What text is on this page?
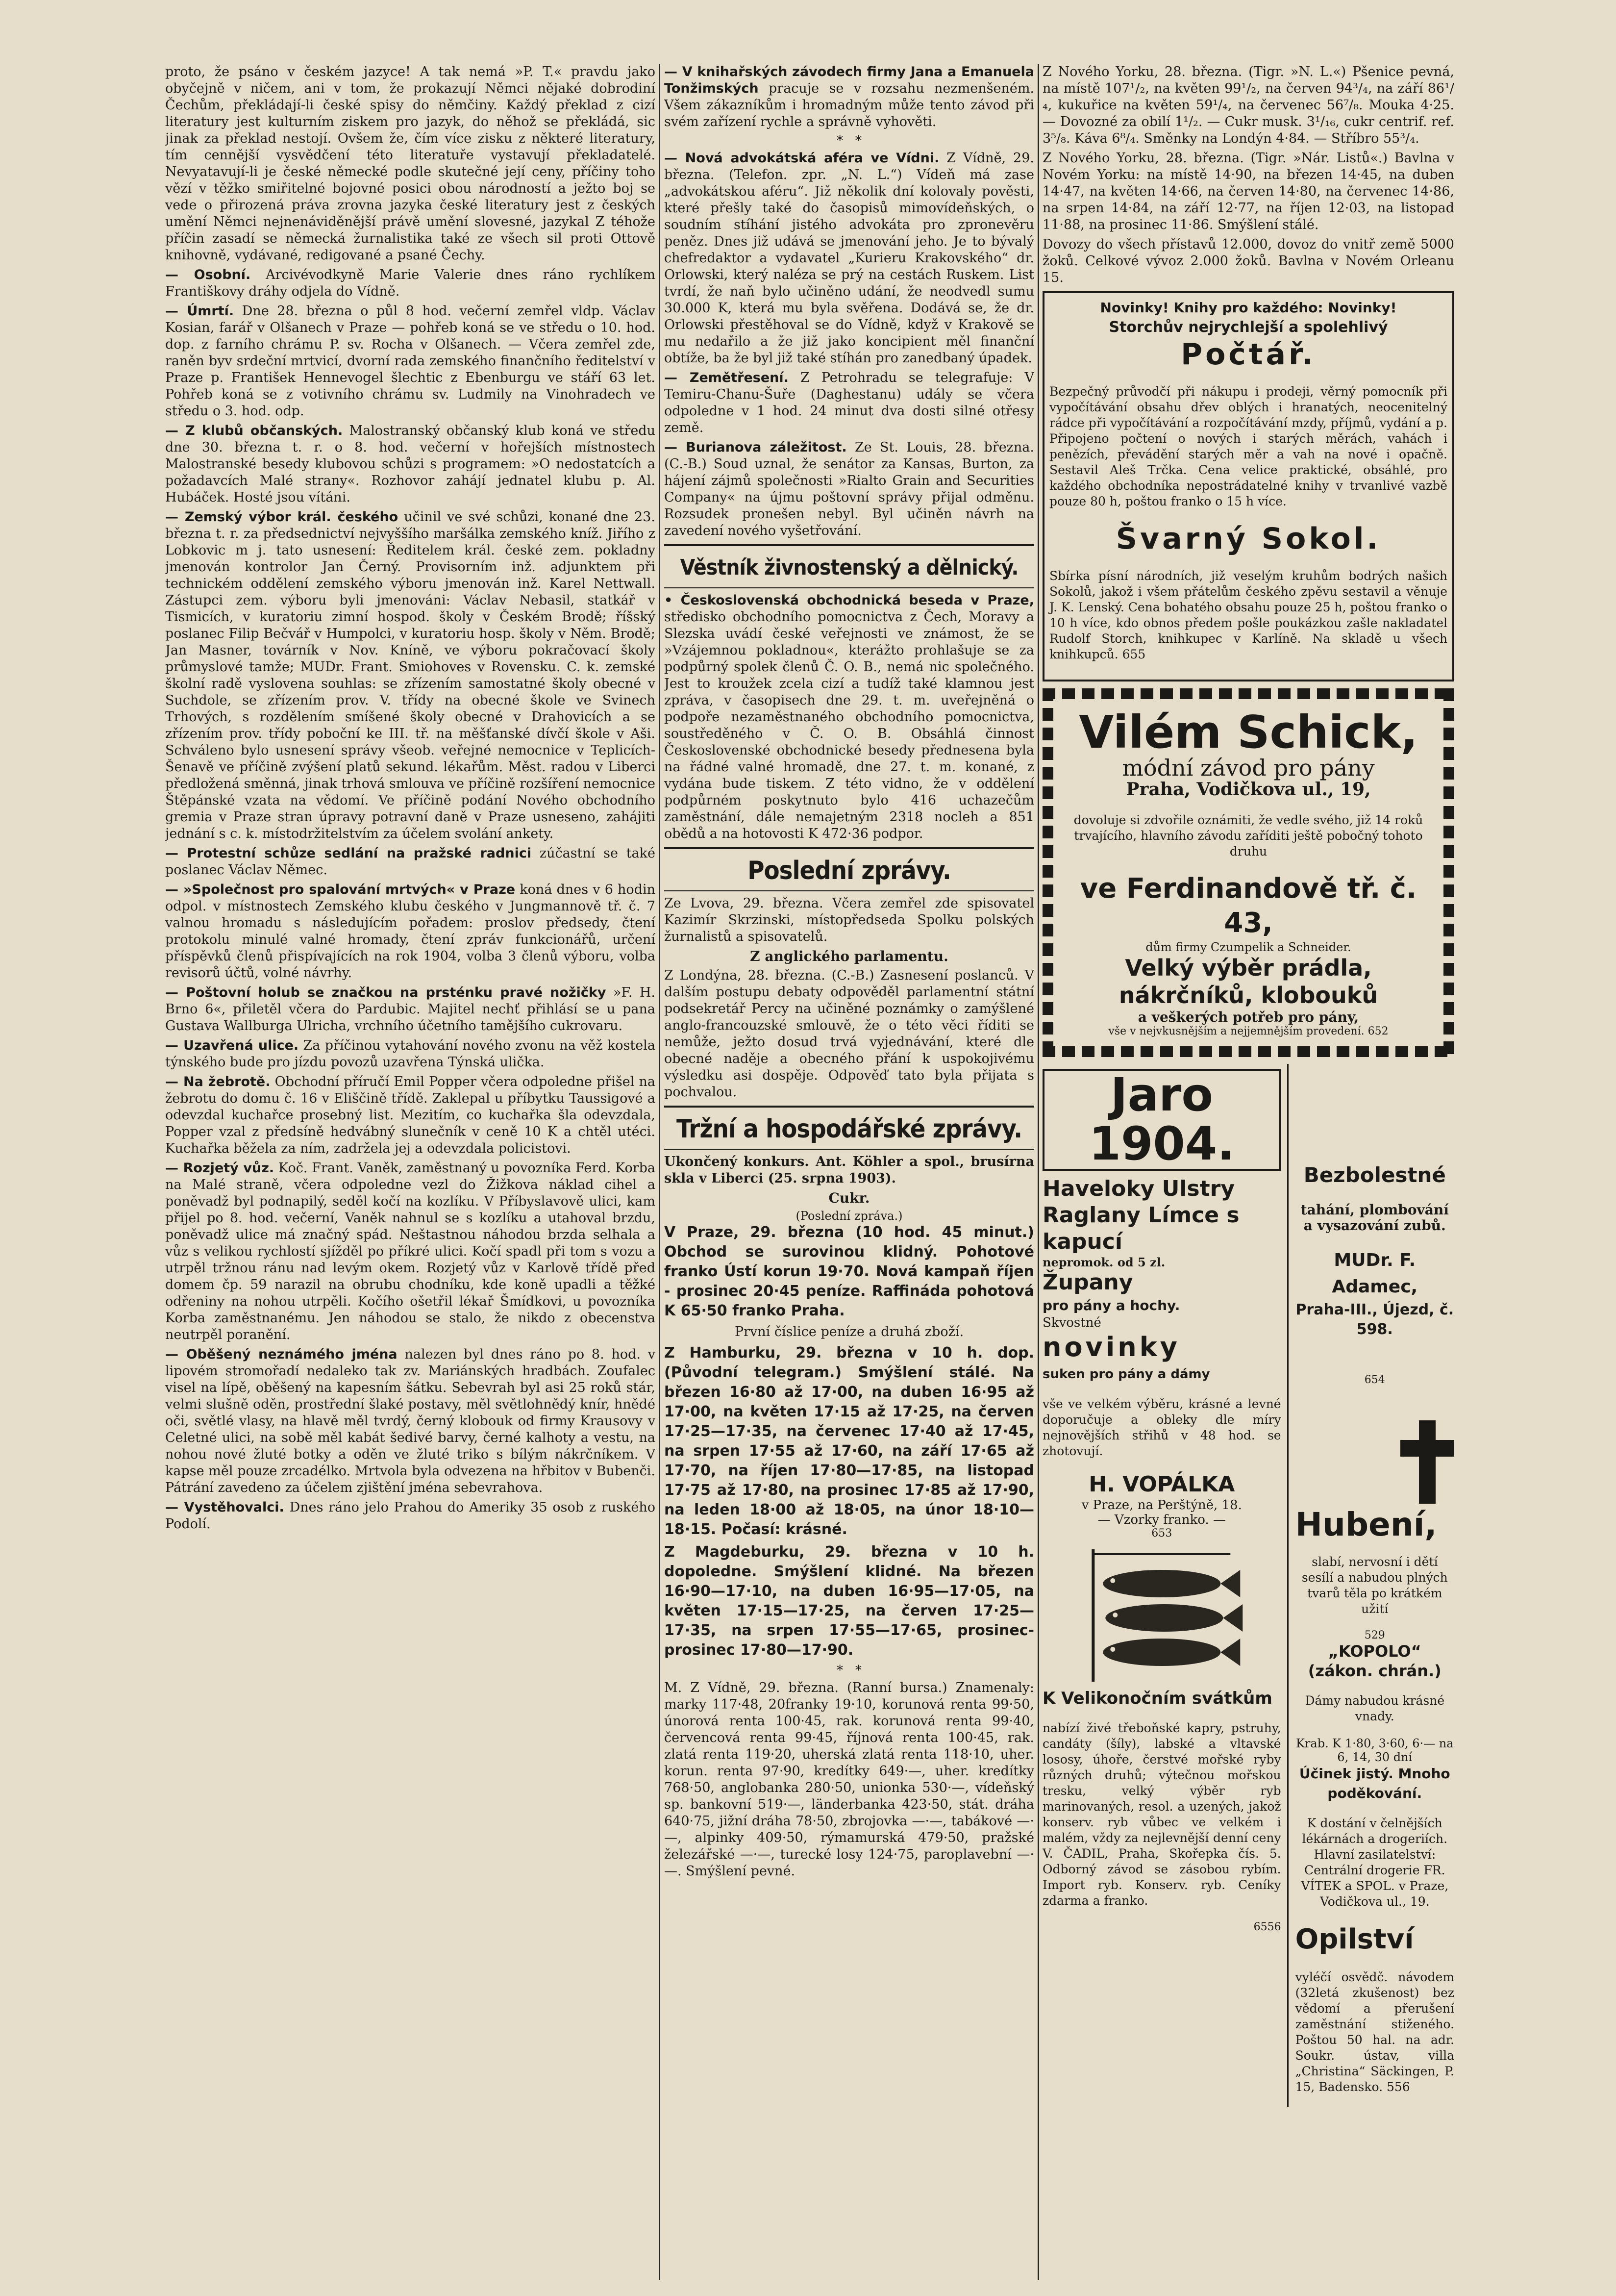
proto, že psáno v českém jazyce! A tak nemá »P. T.« pravdu jako obyčejně v ničem, ani v tom, že prokazují Němci nějaké dobrodiní Čechům, překládají-li české spisy do němčiny. Každý překlad z cizí literatury jest kulturním ziskem pro jazyk, do něhož se překládá, sic jinak za překlad nestojí. Ovšem že, čím více zisku z některé literatury, tím cennější vysvědčení této literatuře vystavují překladatelé. Nevyatavují-li je české německé podle skutečné její ceny, příčiny toho vězí v těžko smiřitelné bojovné posici obou národností a ježto boj se vede o přirozená práva zrovna jazyka české literatury jest z českých umění Němci nejnenáviděnější právě umění slovesné, jazykal Z téhože příčin zasadí se německá žurnalistika také ze všech sil proti Ottově knihovně, vydávané, redigované a psané Čechy.

— Osobní. Arcivévodkyně Marie Valerie dnes ráno rychlíkem Františkovy dráhy odjela do Vídně.

— Úmrtí. Dne 28. března o půl 8 hod. večerní zemřel vldp. Václav Kosian, farář v Olšanech v Praze — pohřeb koná se ve středu o 10. hod. dop. z farního chrámu P. sv. Rocha v Olšanech. — Včera zemřel zde, raněn byv srdeční mrtvicí, dvorní rada zemského finančního ředitelství v Praze p. František Hennevogel šlechtic z Ebenburgu ve stáří 63 let. Pohřeb koná se z votivního chrámu sv. Ludmily na Vinohradech ve středu o 3. hod. odp.

— Z klubů občanských. Malostranský občanský klub koná ve středu dne 30. března t. r. o 8. hod. večerní v hořejších místnostech Malostranské besedy klubovou schůzi s programem: »O nedostatcích a požadavcích Malé strany«. Rozhovor zahájí jednatel klubu p. Al. Hubáček. Hosté jsou vítáni.

— Zemský výbor král. českého učinil ve své schůzi, konané dne 23. března t. r. za předsednictví nejvyššího maršálka zemského kníž. Jiřího z Lobkovic m j. tato usnesení: Ředitelem král. české zem. pokladny jmenován kontrolor Jan Černý. Provisorním inž. adjunktem při technickém oddělení zemského výboru jmenován inž. Karel Nettwall. Zástupci zem. výboru byli jmenováni: Václav Nebasil, statkář v Tismicích, v kuratoriu zimní hospod. školy v Českém Brodě; říšský poslanec Filip Bečvář v Humpolci, v kuratoriu hosp. školy v Něm. Brodě; Jan Masner, továrník v Nov. Kníně, ve výboru pokračovací školy průmyslové tamže; MUDr. Frant. Smiohoves v Rovensku. C. k. zemské školní radě vyslovena souhlas: se zřízením samostatné školy obecné v Suchdole, se zřízením prov. V. třídy na obecné škole ve Svinech Trhových, s rozdělením smíšené školy obecné v Drahovicích a se zřízením prov. třídy poboční ke III. tř. na měšťanské dívčí škole v Aši. Schváleno bylo usnesení správy všeob. veřejné nemocnice v Teplicích-Šenavě ve příčině zvýšení platů sekund. lékařům. Měst. radou v Liberci předložená směnná, jinak trhová smlouva ve příčině rozšíření nemocnice Štěpánské vzata na vědomí. Ve příčině podání Nového obchodního gremia v Praze stran úpravy potravní daně v Praze usneseno, zahájiti jednání s c. k. místodržitelstvím za účelem svolání ankety.

— Protestní schůze sedlání na pražské radnici zúčastní se také poslanec Václav Němec.

— »Společnost pro spalování mrtvých« v Praze koná dnes v 6 hodin odpol. v místnostech Zemského klubu českého v Jungmannově tř. č. 7 valnou hromadu s následujícím pořadem: proslov předsedy, čtení protokolu minulé valné hromady, čtení zpráv funkcionářů, určení příspěvků členů přispívajících na rok 1904, volba 3 členů výboru, volba revisorů účtů, volné návrhy.

— Poštovní holub se značkou na prsténku pravé nožičky »F. H. Brno 6«, přiletěl včera do Pardubic. Majitel nechť přihlásí se u pana Gustava Wallburga Ulricha, vrchního účetního tamějšího cukrovaru.

— Uzavřená ulice. Za příčinou vytahování nového zvonu na věž kostela týnského bude pro jízdu povozů uzavřena Týnská ulička.

— Na žebrotě. Obchodní příručí Emil Popper včera odpoledne přišel na žebrotu do domu č. 16 v Eliščině třídě. Zaklepal u příbytku Taussigové a odevzdal kuchařce prosebný list. Mezitím, co kuchařka šla odevzdala, Popper vzal z předsíně hedvábný slunečník v ceně 10 K a chtěl utéci. Kuchařka běžela za ním, zadržela jej a odevzdala policistovi.

— Rozjetý vůz. Koč. Frant. Vaněk, zaměstnaný u povozníka Ferd. Korba na Malé straně, včera odpoledne vezl do Žižkova náklad cihel a poněvadž byl podnapilý, seděl kočí na kozlíku. V Příbyslavově ulici, kam přijel po 8. hod. večerní, Vaněk nahnul se s kozlíku a utahoval brzdu, poněvadž ulice má značný spád. Neštastnou náhodou brzda selhala a vůz s velikou rychlostí sjížděl po příkré ulici. Kočí spadl při tom s vozu a utrpěl tržnou ránu nad levým okem. Rozjetý vůz v Karlově třídě před domem čp. 59 narazil na obrubu chodníku, kde koně upadli a těžké odřeniny na nohou utrpěli. Kočího ošetřil lékař Šmídkovi, u povozníka Korba zaměstnanému. Jen náhodou se stalo, že nikdo z obecenstva neutrpěl poranění.

— Oběšený neznámého jména nalezen byl dnes ráno po 8. hod. v lipovém stromořadí nedaleko tak zv. Mariánských hradbách. Zoufalec visel na lípě, oběšený na kapesním šátku. Sebevrah byl asi 25 roků stár, velmi slušně oděn, prostřední šlaké postavy, měl světlohnědý knír, hnědé oči, světlé vlasy, na hlavě měl tvrdý, černý klobouk od firmy Krausovy v Celetné ulici, na sobě měl kabát šedivé barvy, černé kalhoty a vestu, na nohou nové žluté botky a oděn ve žluté triko s bílým nákrčníkem. V kapse měl pouze zrcadélko. Mrtvola byla odvezena na hřbitov v Bubenči. Pátrání zavedeno za účelem zjištění jména sebevrahova.

— Vystěhovalci. Dnes ráno jelo Prahou do Ameriky 35 osob z ruského Podolí.

— V knihařských závodech firmy Jana a Emanuela Tonžimských pracuje se v rozsahu nezmenšeném. Všem zákazníkům i hromadným může tento závod při svém zařízení rychle a správně vyhověti.

*   *

— Nová advokátská aféra ve Vídni. Z Vídně, 29. března. (Telefon. zpr. „N. L.“) Vídeň má zase „advokátskou aféru“. Již několik dní kolovaly pověsti, které přešly také do časopisů mimovídeňských, o soudním stíhání jistého advokáta pro zpronevěru peněz. Dnes již udává se jmenování jeho. Je to bývalý chefredaktor a vydavatel „Kurieru Krakovského“ dr. Orlowski, který naléza se prý na cestách Ruskem. List tvrdí, že naň bylo učiněno udání, že neodvedl sumu 30.000 K, která mu byla svěřena. Dodává se, že dr. Orlowski přestěhoval se do Vídně, když v Krakově se mu nedařilo a že již jako koncipient měl finanční obtíže, ba že byl již také stíhán pro zanedbaný úpadek.

— Zemětřesení. Z Petrohradu se telegrafuje: V Temiru-Chanu-Šuře (Daghestanu) udály se včera odpoledne v 1 hod. 24 minut dva dosti silné otřesy země.

— Burianova záležitost. Ze St. Louis, 28. března. (C.-B.) Soud uznal, že senátor za Kansas, Burton, za hájení zájmů společnosti »Rialto Grain and Securities Company« na újmu poštovní správy přijal odměnu. Rozsudek pronešen nebyl. Byl učiněn návrh na zavedení nového vyšetřování.

Věstník živnostenský a dělnický.

• Československá obchodnická beseda v Praze, středisko obchodního pomocnictva z Čech, Moravy a Slezska uvádí české veřejnosti ve známost, že se »Vzájemnou pokladnou«, kterážto prohlašuje se za podpůrný spolek členů Č. O. B., nemá nic společného. Jest to kroužek zcela cizí a tudíž také klamnou jest zpráva, v časopisech dne 29. t. m. uveřejněná o podpoře nezaměstnaného obchodního pomocnictva, soustředěného v Č. O. B. Obsáhlá činnost Československé obchodnické besedy přednesena byla na řádné valné hromadě, dne 27. t. m. konané, z vydána bude tiskem. Z této vidno, že v oddělení podpůrném poskytnuto bylo 416 uchazečům zaměstnání, dále nemajetným 2318 nocleh a 851 obědů a na hotovosti K 472·36 podpor.

Poslední zprávy.

Ze Lvova, 29. března. Včera zemřel zde spisovatel Kazimír Skrzinski, místopředseda Spolku polských žurnalistů a spisovatelů.

Z anglického parlamentu.

Z Londýna, 28. března. (C.-B.) Zasnesení poslanců. V dalším postupu debaty odpověděl parlamentní státní podsekretář Percy na učiněné poznámky o zamýšlené anglo-francouzské smlouvě, že o této věci říditi se nemůže, ježto dosud trvá vyjednávání, které dle obecné naděje a obecného přání k uspokojivému výsledku asi dospěje. Odpověď tato byla přijata s pochvalou.

Tržní a hospodářské zprávy.

Ukončený konkurs. Ant. Köhler a spol., brusírna skla v Liberci (25. srpna 1903).

Cukr.
(Poslední zpráva.)

V Praze, 29. března (10 hod. 45 minut.) Obchod se surovinou klidný. Pohotové franko Ústí korun 19·70. Nová kampaň říjen - prosinec 20·45 peníze. Raffináda pohotová K 65·50 franko Praha.

První číslice peníze a druhá zboží.

Z Hamburku, 29. března v 10 h. dop. (Původní telegram.) Smýšlení stálé. Na březen 16·80 až 17·00, na duben 16·95 až 17·00, na květen 17·15 až 17·25, na červen 17·25—17·35, na červenec 17·40 až 17·45, na srpen 17·55 až 17·60, na září 17·65 až 17·70, na říjen 17·80—17·85, na listopad 17·75 až 17·80, na prosinec 17·85 až 17·90, na leden 18·00 až 18·05, na únor 18·10—18·15. Počasí: krásné.

Z Magdeburku, 29. března v 10 h. dopoledne. Smýšlení klidné. Na březen 16·90—17·10, na duben 16·95—17·05, na květen 17·15—17·25, na červen 17·25—17·35, na srpen 17·55—17·65, prosinec-prosinec 17·80—17·90.

*   *

M. Z Vídně, 29. března. (Ranní bursa.) Znamenaly: marky 117·48, 20franky 19·10, korunová renta 99·50, únorová renta 100·45, rak. korunová renta 99·40, červencová renta 99·45, říjnová renta 100·45, rak. zlatá renta 119·20, uherská zlatá renta 118·10, uher. korun. renta 97·90, kredítky 649·—, uher. kredítky 768·50, anglobanka 280·50, unionka 530·—, vídeňský sp. bankovní 519·—, länderbanka 423·50, stát. dráha 640·75, jižní dráha 78·50, zbrojovka —·—, tabákové —·—, alpinky 409·50, rýmamurská 479·50, pražské železářské —·—, turecké losy 124·75, paroplavební —·—. Smýšlení pevné.

Z Nového Yorku, 28. března. (Tigr. »N. L.«) Pšenice pevná, na místě 107¹/₂, na květen 99¹/₂, na červen 94³/₄, na září 86¹/₄, kukuřice na květen 59¹/₄, na červenec 56⁷/₈. Mouka 4·25. — Dovozné za obilí 1¹/₂. — Cukr musk. 3¹/₁₆, cukr centrif. ref. 3⁵/₈. Káva 6⁸/₄. Směnky na Londýn 4·84. — Stříbro 55³/₄.

Z Nového Yorku, 28. března. (Tigr. »Nár. Listů«.) Bavlna v Novém Yorku: na místě 14·90, na březen 14·45, na duben 14·47, na květen 14·66, na červen 14·80, na červenec 14·86, na srpen 14·84, na září 12·77, na říjen 12·03, na listopad 11·88, na prosinec 11·86. Smýšlení stálé.

Dovozy do všech přístavů 12.000, dovoz do vnitř země 5000 žoků. Celkové vývoz 2.000 žoků. Bavlna v Novém Orleanu 15.

Novinky! Knihy pro každého: Novinky!
Storchův nejrychlejší a spolehlivý
Počtář.

Bezpečný průvodčí při nákupu i prodeji, věrný pomocník při vypočítávání obsahu dřev oblých i hranatých, neocenitelný rádce při vypočítávání a rozpočítávání mzdy, příjmů, vydání a p. Připojeno počtení o nových i starých měrách, vahách i penězích, převádění starých měr a vah na nové i opačně. Sestavil Aleš Trčka. Cena velice praktické, obsáhlé, pro každého obchodníka nepostrádatelné knihy v trvanlivé vazbě pouze 80 h, poštou franko o 15 h více.

Švarný Sokol.

Sbírka písní národních, již veselým kruhům bodrých našich Sokolů, jakož i všem přátelům českého zpěvu sestavil a věnuje J. K. Lenský. Cena bohatého obsahu pouze 25 h, poštou franko o 10 h více, kdo obnos předem pošle poukázkou zašle nakladatel Rudolf Storch, knihkupec v Karlíně. Na skladě u všech knihkupců. 655

Vilém Schick,
módní závod pro pány
Praha, Vodičkova ul., 19,

dovoluje si zdvořile oznámiti, že vedle svého, již 14 roků trvajícího, hlavního závodu zaříditi ještě pobočný tohoto druhu

ve Ferdinandově tř. č. 43,
dům firmy Czumpelik a Schneider.
Velký výběr prádla, nákrčníků, klobouků
a veškerých potřeb pro pány,
vše v nejvkusnějším a nejjemnějším provedení. 652
Jaro 1904.
Haveloky Ulstry Raglany Límce s kapucí
nepromok. od 5 zl.
Župany
pro pány a hochy.
Skvostné
novinky
suken pro pány a dámy

vše ve velkém výběru, krásné a levné doporučuje a obleky dle míry nejnovějších střihů v 48 hod. se zhotovují.

H. VOPÁLKA
v Praze, na Perštýně, 18.
— Vzorky franko. —
653
K Velikonočním svátkům

nabízí živé třeboňské kapry, pstruhy, candáty (šíly), labské a vltavské lososy, úhoře, čerstvé mořské ryby různých druhů; výtečnou mořskou tresku, velký výběr ryb marinovaných, resol. a uzených, jakož konserv. ryb vůbec ve velkém i malém, vždy za nejlevnější denní ceny V. ČADIL, Praha, Skořepka čís. 5. Odborný závod se zásobou rybím. Import ryb. Konserv. ryb. Ceníky zdarma a franko.

6556
Bezbolestné

tahání, plombování a vysazování zubů.

MUDr. F. Adamec,
Praha-III., Újezd, č. 598.
654
Hubení,

slabí, nervosní i dětí sesílí a nabudou plných tvarů těla po krátkém užití

529
„KOPOLO“ (zákon. chrán.)

Dámy nabudou krásné vnady.

Krab. K 1·80, 3·60, 6·— na 6, 14, 30 dní
Účinek jistý. Mnoho poděkování.

K dostání v čelnějších lékárnách a drogeriích. Hlavní zasilatelství: Centrální drogerie FR. VÍTEK a SPOL. v Praze, Vodičkova ul., 19.

Opilství

vyléčí osvědč. návodem (32letá zkušenost) bez vědomí a přerušení zaměstnání stiženého. Poštou 50 hal. na adr. Soukr. ústav, villa „Christina“ Säckingen, P. 15, Badensko. 556
